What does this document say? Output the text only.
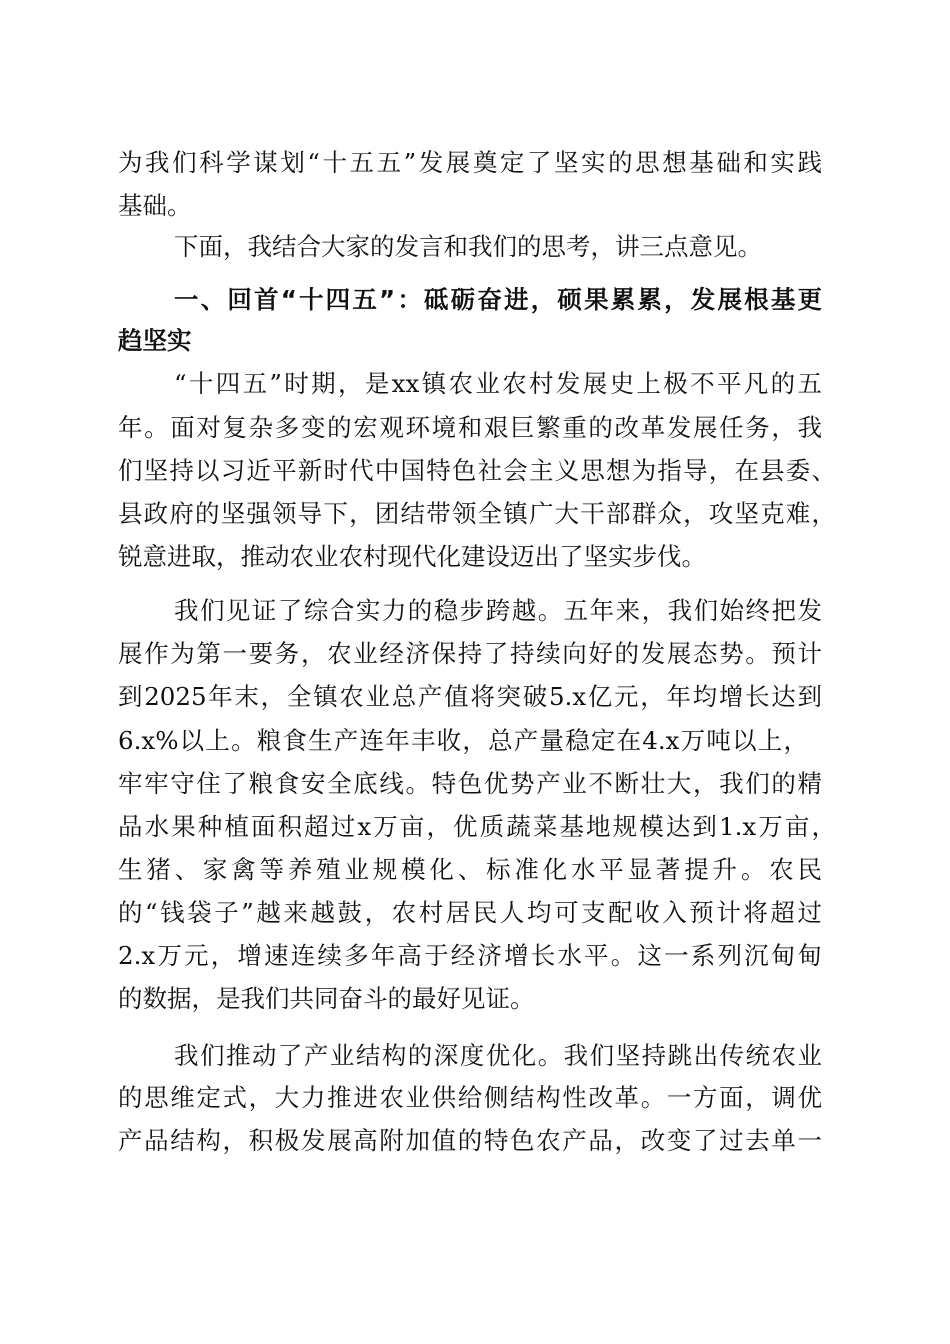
为我们科学谋划“十五五”发展奠定了坚实的思想基础和实践
基础。
下面，我结合大家的发言和我们的思考，讲三点意见。
一、回首“十四五”：砥砺奋进，硕果累累，发展根基更
趋坚实
“十四五”时期，是xx镇农业农村发展史上极不平凡的五
年。面对复杂多变的宏观环境和艰巨繁重的改革发展任务，我
们坚持以习近平新时代中国特色社会主义思想为指导，在县委、
县政府的坚强领导下，团结带领全镇广大干部群众，攻坚克难，
锐意进取，推动农业农村现代化建设迈出了坚实步伐。
我们见证了综合实力的稳步跨越。五年来，我们始终把发
展作为第一要务，农业经济保持了持续向好的发展态势。预计
到2025年末，全镇农业总产值将突破5.x亿元，年均增长达到
6.x%以上。粮食生产连年丰收，总产量稳定在4.x万吨以上，
牢牢守住了粮食安全底线。特色优势产业不断壮大，我们的精
品水果种植面积超过x万亩，优质蔬菜基地规模达到1.x万亩，
生猪、家禽等养殖业规模化、标准化水平显著提升。农民
的“钱袋子”越来越鼓，农村居民人均可支配收入预计将超过
2.x万元，增速连续多年高于经济增长水平。这一系列沉甸甸
的数据，是我们共同奋斗的最好见证。
我们推动了产业结构的深度优化。我们坚持跳出传统农业
的思维定式，大力推进农业供给侧结构性改革。一方面，调优
产品结构，积极发展高附加值的特色农产品，改变了过去单一
